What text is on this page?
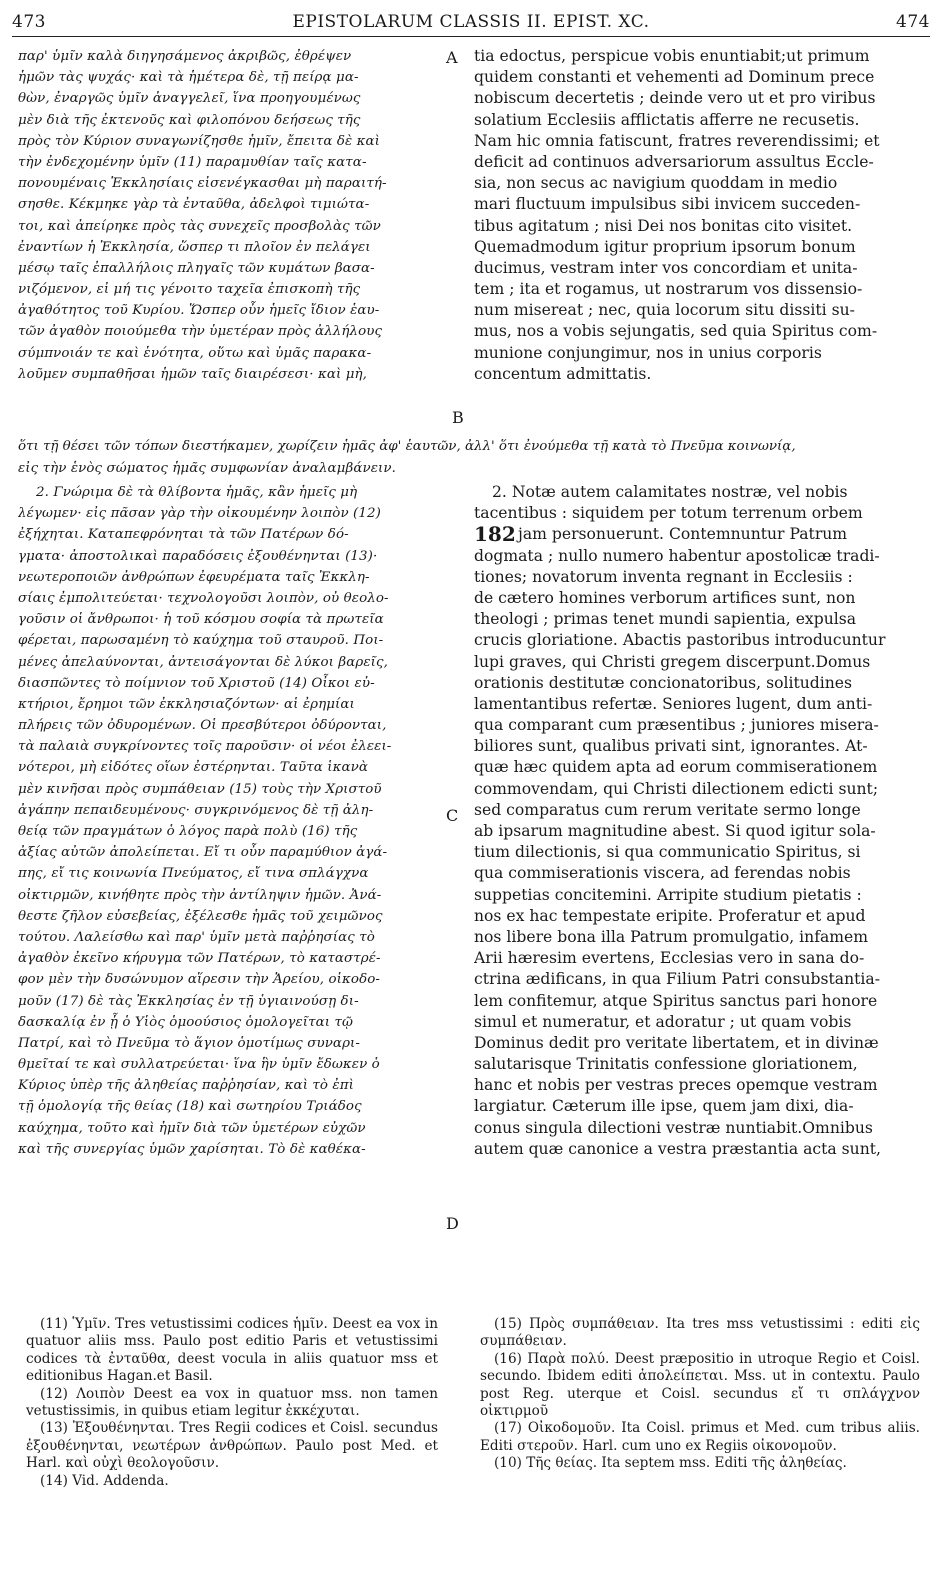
473	EPISTOLARUM CLASSIS II. EPIST. XC.	474
παρ' ὑμῖν καλὰ διηγησάμενος ἀκριβῶς, ἐθρέψεν
ἡμῶν τὰς ψυχάς· καὶ τὰ ἡμέτερα δὲ, τῇ πείρᾳ μα-
θὼν, ἐναργῶς ὑμῖν ἀναγγελεῖ, ἵνα προηγουμένως
μὲν διὰ τῆς ἐκτενοῦς καὶ φιλοπόνου δεήσεως τῆς
πρὸς τὸν Κύριον συναγωνίζησθε ἡμῖν, ἔπειτα δὲ καὶ
τὴν ἐνδεχομένην ὑμῖν (11) παραμυθίαν ταῖς κατα-
πονουμέναις Ἐκκλησίαις εἰσενέγκασθαι μὴ παραιτή-
σησθε. Κέκμηκε γὰρ τὰ ἐνταῦθα, ἀδελφοὶ τιμιώτα-
τοι, καὶ ἀπείρηκε πρὸς τὰς συνεχεῖς προσβολὰς τῶν
ἐναντίων ἡ Ἐκκλησία, ὥσπερ τι πλοῖον ἐν πελάγει
μέσῳ ταῖς ἐπαλλήλοις πληγαῖς τῶν κυμάτων βασα-
νιζόμενον, εἰ μή τις γένοιτο ταχεῖα ἐπισκοπὴ τῆς
ἀγαθότητος τοῦ Κυρίου. Ὥσπερ οὖν ἡμεῖς ἴδιον ἑαυ-
τῶν ἀγαθὸν ποιούμεθα τὴν ὑμετέραν πρὸς ἀλλήλους
σύμπνοιάν τε καὶ ἑνότητα, οὕτω καὶ ὑμᾶς παρακα-
λοῦμεν συμπαθῆσαι ἡμῶν ταῖς διαιρέσεσι· καὶ μὴ,
A
B
C
D
tia edoctus, perspicue vobis enuntiabit;ut primum
quidem constanti et vehementi ad Dominum prece
nobiscum decertetis ; deinde vero ut et pro viribus
solatium Ecclesiis afflictatis afferre ne recusetis.
Nam hic omnia fatiscunt, fratres reverendissimi; et
deficit ad continuos adversariorum assultus Eccle-
sia, non secus ac navigium quoddam in medio
mari fluctuum impulsibus sibi invicem succeden-
tibus agitatum ; nisi Dei nos bonitas cito visitet.
Quemadmodum igitur proprium ipsorum bonum
ducimus, vestram inter vos concordiam et unita-
tem ; ita et rogamus, ut nostrarum vos dissensio-
num misereat ; nec, quia locorum situ dissiti su-
mus, nos a vobis sejungatis, sed quia Spiritus com-
munione conjungimur, nos in unius corporis
concentum admittatis.
ὅτι τῇ θέσει τῶν τόπων διεστήκαμεν, χωρίζειν ἡμᾶς ἀφ' ἑαυτῶν, ἀλλ' ὅτι ἐνούμεθα τῇ κατὰ τὸ Πνεῦμα κοινωνίᾳ,
εἰς τὴν ἑνὸς σώματος ἡμᾶς συμφωνίαν ἀναλαμβάνειν.
2. Γνώριμα δὲ τὰ θλίβοντα ἡμᾶς, κἂν ἡμεῖς μὴ
λέγωμεν· εἰς πᾶσαν γὰρ τὴν οἰκουμένην λοιπὸν (12)
ἐξήχηται. Καταπεφρόνηται τὰ τῶν Πατέρων δό-
γματα· ἀποστολικαὶ παραδόσεις ἐξουθένηνται (13)·
νεωτεροποιῶν ἀνθρώπων ἐφευρέματα ταῖς Ἐκκλη-
σίαις ἐμπολιτεύεται· τεχνολογοῦσι λοιπὸν, οὐ θεολο-
γοῦσιν οἱ ἄνθρωποι· ἡ τοῦ κόσμου σοφία τὰ πρωτεῖα
φέρεται, παρωσαμένη τὸ καύχημα τοῦ σταυροῦ. Ποι-
μένες ἀπελαύνονται, ἀντεισάγονται δὲ λύκοι βαρεῖς,
διασπῶντες τὸ ποίμνιον τοῦ Χριστοῦ (14) Οἶκοι εὐ-
κτήριοι, ἔρημοι τῶν ἐκκλησιαζόντων· αἱ ἐρημίαι
πλήρεις τῶν ὀδυρομένων. Οἱ πρεσβύτεροι ὀδύρονται,
τὰ παλαιὰ συγκρίνοντες τοῖς παροῦσιν· οἱ νέοι ἐλεει-
νότεροι, μὴ εἰδότες οἵων ἐστέρηνται. Ταῦτα ἱκανὰ
μὲν κινῆσαι πρὸς συμπάθειαν (15) τοὺς τὴν Χριστοῦ
ἀγάπην πεπαιδευμένους· συγκρινόμενος δὲ τῇ ἀλη-
θείᾳ τῶν πραγμάτων ὁ λόγος παρὰ πολὺ (16) τῆς
ἀξίας αὐτῶν ἀπολείπεται. Εἴ τι οὖν παραμύθιον ἀγά-
πης, εἴ τις κοινωνία Πνεύματος, εἴ τινα σπλάγχνα
οἰκτιρμῶν, κινήθητε πρὸς τὴν ἀντίληψιν ἡμῶν. Ἀνά-
θεστε ζῆλον εὐσεβείας, ἐξέλεσθε ἡμᾶς τοῦ χειμῶνος
τούτου. Λαλείσθω καὶ παρ' ὑμῖν μετὰ παῤῥησίας τὸ
ἀγαθὸν ἐκεῖνο κήρυγμα τῶν Πατέρων, τὸ καταστρέ-
φον μὲν τὴν δυσώνυμον αἵρεσιν τὴν Ἀρείου, οἰκοδο-
μοῦν (17) δὲ τὰς Ἐκκλησίας ἐν τῇ ὑγιαινούσῃ δι-
δασκαλίᾳ ἐν ᾗ ὁ Υἱὸς ὁμοούσιος ὁμολογεῖται τῷ
Πατρί, καὶ τὸ Πνεῦμα τὸ ἅγιον ὁμοτίμως συναρι-
θμεῖταί τε καὶ συλλατρεύεται· ἵνα ἣν ὑμῖν ἔδωκεν ὁ
Κύριος ὑπὲρ τῆς ἀληθείας παῤῥησίαν, καὶ τὸ ἐπὶ
τῇ ὁμολογίᾳ τῆς θείας (18) καὶ σωτηρίου Τριάδος
καύχημα, τοῦτο καὶ ἡμῖν διὰ τῶν ὑμετέρων εὐχῶν
καὶ τῆς συνεργίας ὑμῶν χαρίσηται. Τὸ δὲ καθέκα-
2. Notæ autem calamitates nostræ, vel nobis
tacentibus : siquidem per totum terrenum orbem
jam personuerunt. Contemnuntur Patrum
dogmata ; nullo numero habentur apostolicæ tradi-
tiones; novatorum inventa regnant in Ecclesiis :
de cætero homines verborum artifices sunt, non
theologi ; primas tenet mundi sapientia, expulsa
crucis gloriatione. Abactis pastoribus introducuntur
lupi graves, qui Christi gregem discerpunt.Domus
orationis destitutæ concionatoribus, solitudines
lamentantibus refertæ. Seniores lugent, dum anti-
qua comparant cum præsentibus ; juniores misera-
biliores sunt, qualibus privati sint, ignorantes. At-
quæ hæc quidem apta ad eorum commiserationem
commovendam, qui Christi dilectionem edicti sunt;
sed comparatus cum rerum veritate sermo longe
ab ipsarum magnitudine abest. Si quod igitur sola-
tium dilectionis, si qua communicatio Spiritus, si
qua commiserationis viscera, ad ferendas nobis
suppetias concitemini. Arripite studium pietatis :
nos ex hac tempestate eripite. Proferatur et apud
nos libere bona illa Patrum promulgatio, infamem
Arii hæresim evertens, Ecclesias vero in sana do-
ctrina ædificans, in qua Filium Patri consubstantia-
lem confitemur, atque Spiritus sanctus pari honore
simul et numeratur, et adoratur ; ut quam vobis
Dominus dedit pro veritate libertatem, et in divinæ
salutarisque Trinitatis confessione gloriationem,
hanc et nobis per vestras preces opemque vestram
largiatur. Cæterum ille ipse, quem jam dixi, dia-
conus singula dilectioni vestræ nuntiabit.Omnibus
autem quæ canonice a vestra præstantia acta sunt,
182

(11) Ὑμῖν. Tres vetustissimi codices ἡμῖν. Deest ea vox in quatuor aliis mss. Paulo post editio Paris et vetustissimi codices τὰ ἐνταῦθα, deest vocula in aliis quatuor mss et editionibus Hagan.et Basil.

(12) Λοιπὸν Deest ea vox in quatuor mss. non tamen vetustissimis, in quibus etiam legitur ἐκκέχυται.

(13) Ἐξουθένηνται. Tres Regii codices et Coisl. secundus ἐξουθένηνται, νεωτέρων ἀνθρώπων. Paulo post Med. et Harl. καὶ οὐχὶ θεολογοῦσιν.

(14) Vid. Addenda.

(15) Πρὸς συμπάθειαν. Ita tres mss vetustissimi : editi εἰς συμπάθειαν.

(16) Παρὰ πολύ. Deest præpositio in utroque Regio et Coisl. secundo. Ibidem editi ἀπολείπεται. Mss. ut in contextu. Paulo post Reg. uterque et Coisl. secundus εἴ τι σπλάγχνον οἰκτιρμοῦ

(17) Οἰκοδομοῦν. Ita Coisl. primus et Med. cum tribus aliis. Editi στεροῦν. Harl. cum uno ex Regiis οἰκονομοῦν.

(10) Τῆς θείας. Ita septem mss. Editi τῆς ἀληθείας.
